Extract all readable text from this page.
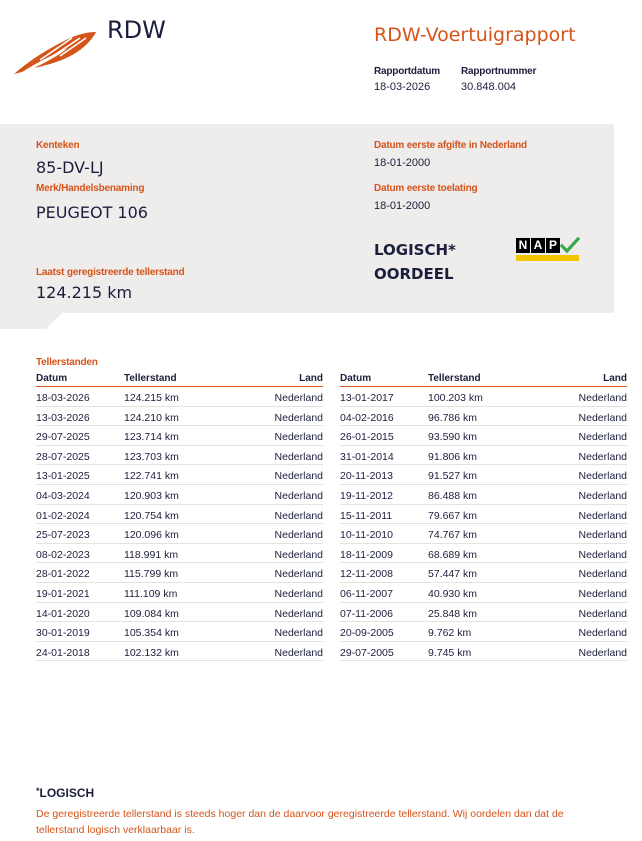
RDW	RDW-Voertuigrapport
Rapportdatum
18-03-2026
Rapportnummer
30.848.004
Kenteken
85-DV-LJ
Merk/Handelsbenaming
PEUGEOT 106
Laatst geregistreerde tellerstand
124.215 km
Datum eerste afgifte in Nederland
18-01-2000
Datum eerste toelating
18-01-2000
LOGISCH*
OORDEEL
N A P
Tellerstanden
Datum	Tellerstand	Land
18-03-2026	124.215 km	Nederland
13-03-2026	124.210 km	Nederland
29-07-2025	123.714 km	Nederland
28-07-2025	123.703 km	Nederland
13-01-2025	122.741 km	Nederland
04-03-2024	120.903 km	Nederland
01-02-2024	120.754 km	Nederland
25-07-2023	120.096 km	Nederland
08-02-2023	118.991 km	Nederland
28-01-2022	115.799 km	Nederland
19-01-2021	111.109 km	Nederland
14-01-2020	109.084 km	Nederland
30-01-2019	105.354 km	Nederland
24-01-2018	102.132 km	Nederland
Datum	Tellerstand	Land
13-01-2017	100.203 km	Nederland
04-02-2016	96.786 km	Nederland
26-01-2015	93.590 km	Nederland
31-01-2014	91.806 km	Nederland
20-11-2013	91.527 km	Nederland
19-11-2012	86.488 km	Nederland
15-11-2011	79.667 km	Nederland
10-11-2010	74.767 km	Nederland
18-11-2009	68.689 km	Nederland
12-11-2008	57.447 km	Nederland
06-11-2007	40.930 km	Nederland
07-11-2006	25.848 km	Nederland
20-09-2005	9.762 km	Nederland
29-07-2005	9.745 km	Nederland
*LOGISCH
De geregistreerde tellerstand is steeds hoger dan de daarvoor geregistreerde tellerstand. Wij oordelen dan dat de
tellerstand logisch verklaarbaar is.
